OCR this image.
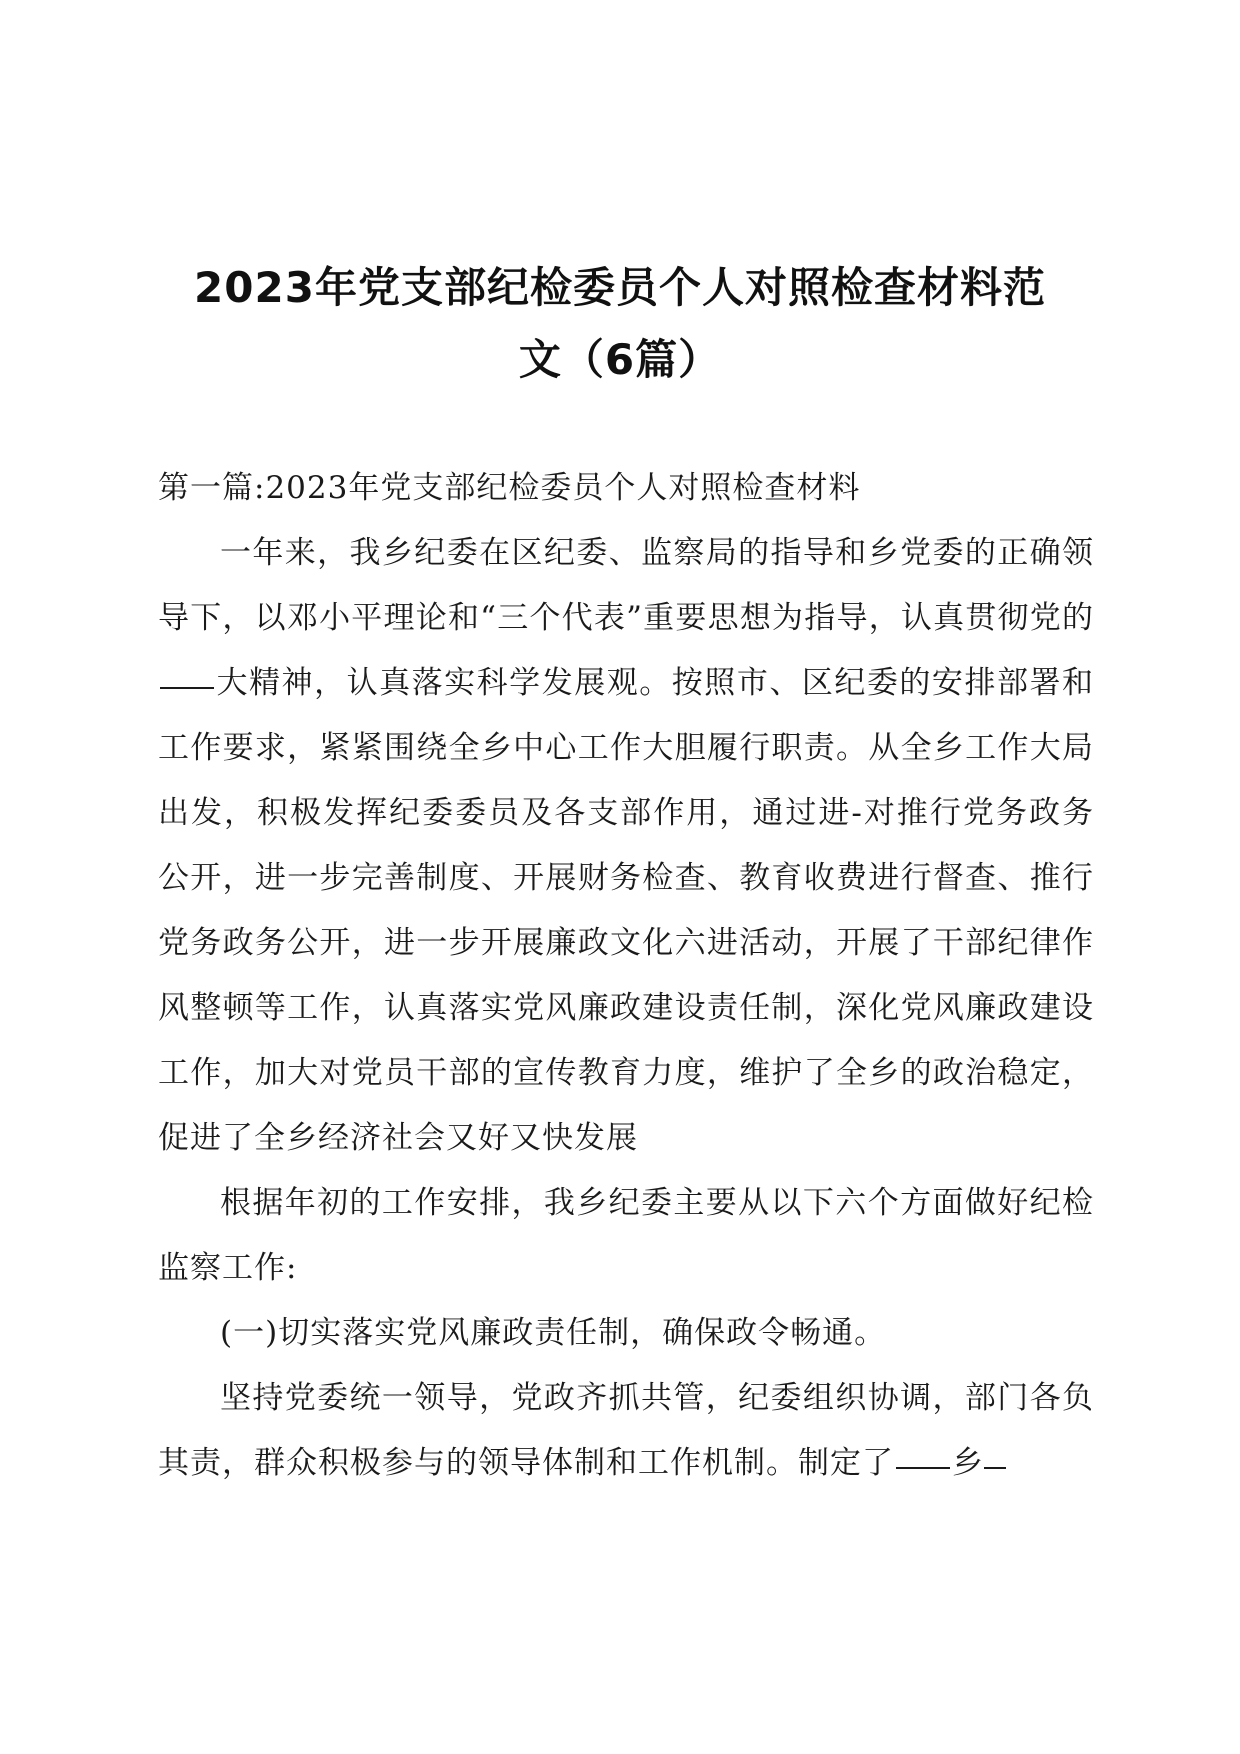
2023年党支部纪检委员个人对照检查材料范
文（6篇）

第一篇:2023年党支部纪检委员个人对照检查材料

一年来，我乡纪委在区纪委、监察局的指导和乡党委的正确领导下，以邓小平理论和“三个代表”重要思想为指导，认真贯彻党的大精神，认真落实科学发展观。按照市、区纪委的安排部署和工作要求，紧紧围绕全乡中心工作大胆履行职责。从全乡工作大局出发，积极发挥纪委委员及各支部作用，通过进-对推行党务政务公开，进一步完善制度、开展财务检查、教育收费进行督查、推行党务政务公开，进一步开展廉政文化六进活动，开展了干部纪律作风整顿等工作，认真落实党风廉政建设责任制，深化党风廉政建设工作，加大对党员干部的宣传教育力度，维护了全乡的政治稳定，促进了全乡经济社会又好又快发展

根据年初的工作安排，我乡纪委主要从以下六个方面做好纪检监察工作:

(一)切实落实党风廉政责任制，确保政令畅通。

坚持党委统一领导，党政齐抓共管，纪委组织协调，部门各负其责，群众积极参与的领导体制和工作机制。制定了 乡
